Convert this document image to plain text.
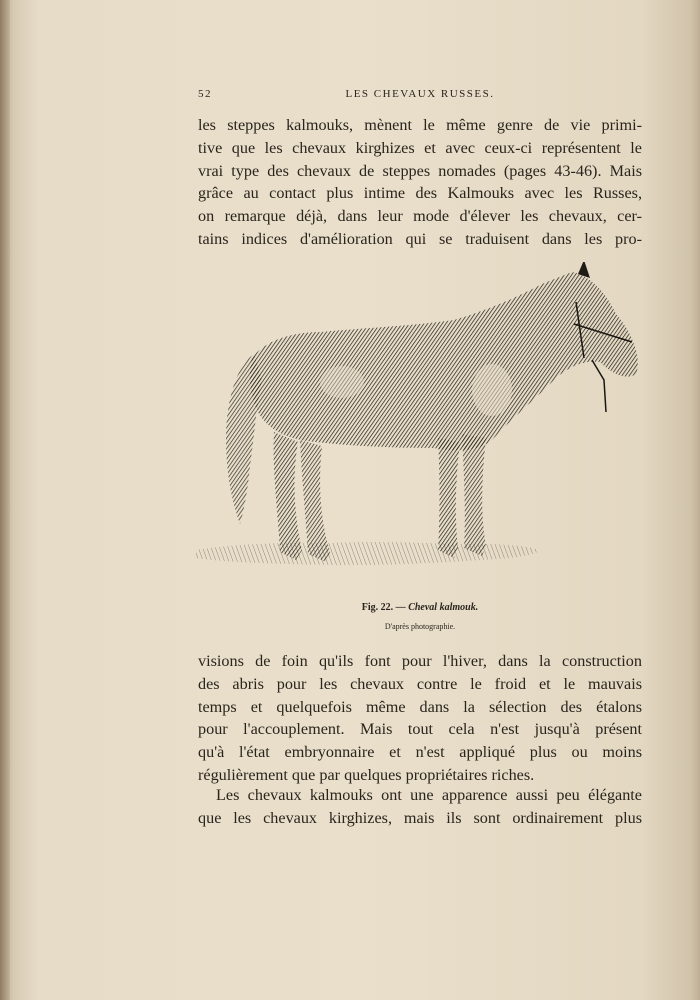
52	LES CHEVAUX RUSSES.
les steppes kalmouks, mènent le même genre de vie primi-
tive que les chevaux kirghizes et avec ceux-ci représentent le
vrai type des chevaux de steppes nomades (pages 43-46). Mais
grâce au contact plus intime des Kalmouks avec les Russes,
on remarque déjà, dans leur mode d'élever les chevaux, cer-
tains indices d'amélioration qui se traduisent dans les pro-
Fig. 22. — Cheval kalmouk.
D'après photographie.
visions de foin qu'ils font pour l'hiver, dans la construction
des abris pour les chevaux contre le froid et le mauvais
temps et quelquefois même dans la sélection des étalons
pour l'accouplement. Mais tout cela n'est jusqu'à présent
qu'à l'état embryonnaire et n'est appliqué plus ou moins
régulièrement que par quelques propriétaires riches.
Les chevaux kalmouks ont une apparence aussi peu élégante
que les chevaux kirghizes, mais ils sont ordinairement plus
